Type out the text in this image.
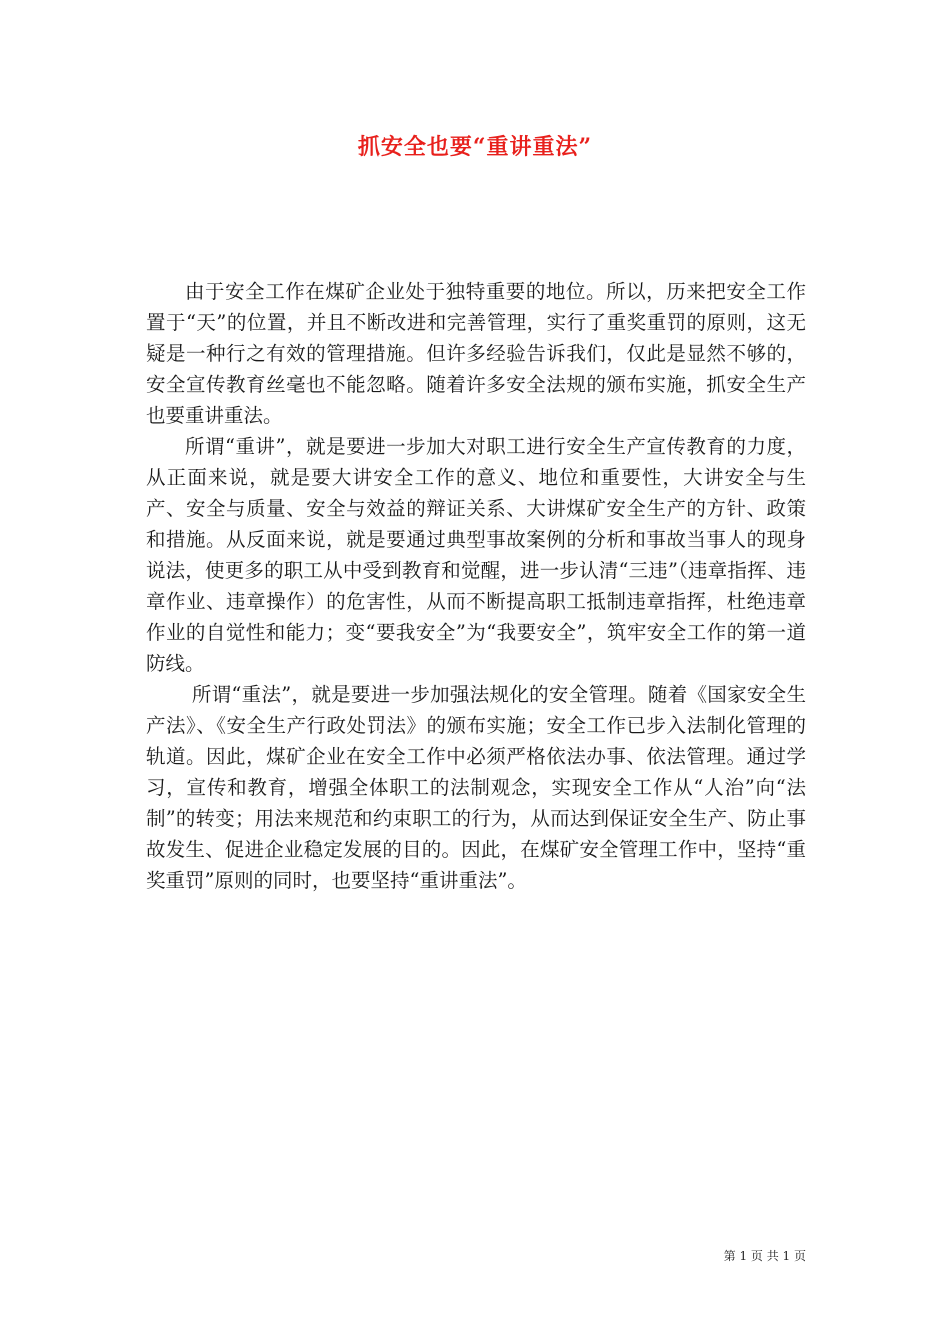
抓安全也要“重讲重法”

由于安全工作在煤矿企业处于独特重要的地位。所以，历来把安全工作置于“天”的位置，并且不断改进和完善管理，实行了重奖重罚的原则，这无疑是一种行之有效的管理措施。但许多经验告诉我们，仅此是显然不够的，安全宣传教育丝毫也不能忽略。随着许多安全法规的颁布实施，抓安全生产也要重讲重法。

所谓“重讲”，就是要进一步加大对职工进行安全生产宣传教育的力度，从正面来说，就是要大讲安全工作的意义、地位和重要性，大讲安全与生产、安全与质量、安全与效益的辩证关系、大讲煤矿安全生产的方针、政策和措施。从反面来说，就是要通过典型事故案例的分析和事故当事人的现身说法，使更多的职工从中受到教育和觉醒，进一步认清“三违”（违章指挥、违章作业、违章操作）的危害性，从而不断提高职工抵制违章指挥，杜绝违章作业的自觉性和能力；变“要我安全”为“我要安全”，筑牢安全工作的第一道防线。

所谓“重法”，就是要进一步加强法规化的安全管理。随着《国家安全生产法》、《安全生产行政处罚法》的颁布实施；安全工作已步入法制化管理的轨道。因此，煤矿企业在安全工作中必须严格依法办事、依法管理。通过学习，宣传和教育，增强全体职工的法制观念，实现安全工作从“人治”向“法制”的转变；用法来规范和约束职工的行为，从而达到保证安全生产、防止事故发生、促进企业稳定发展的目的。因此，在煤矿安全管理工作中，坚持“重奖重罚”原则的同时，也要坚持“重讲重法”。

第 1 页 共 1 页
